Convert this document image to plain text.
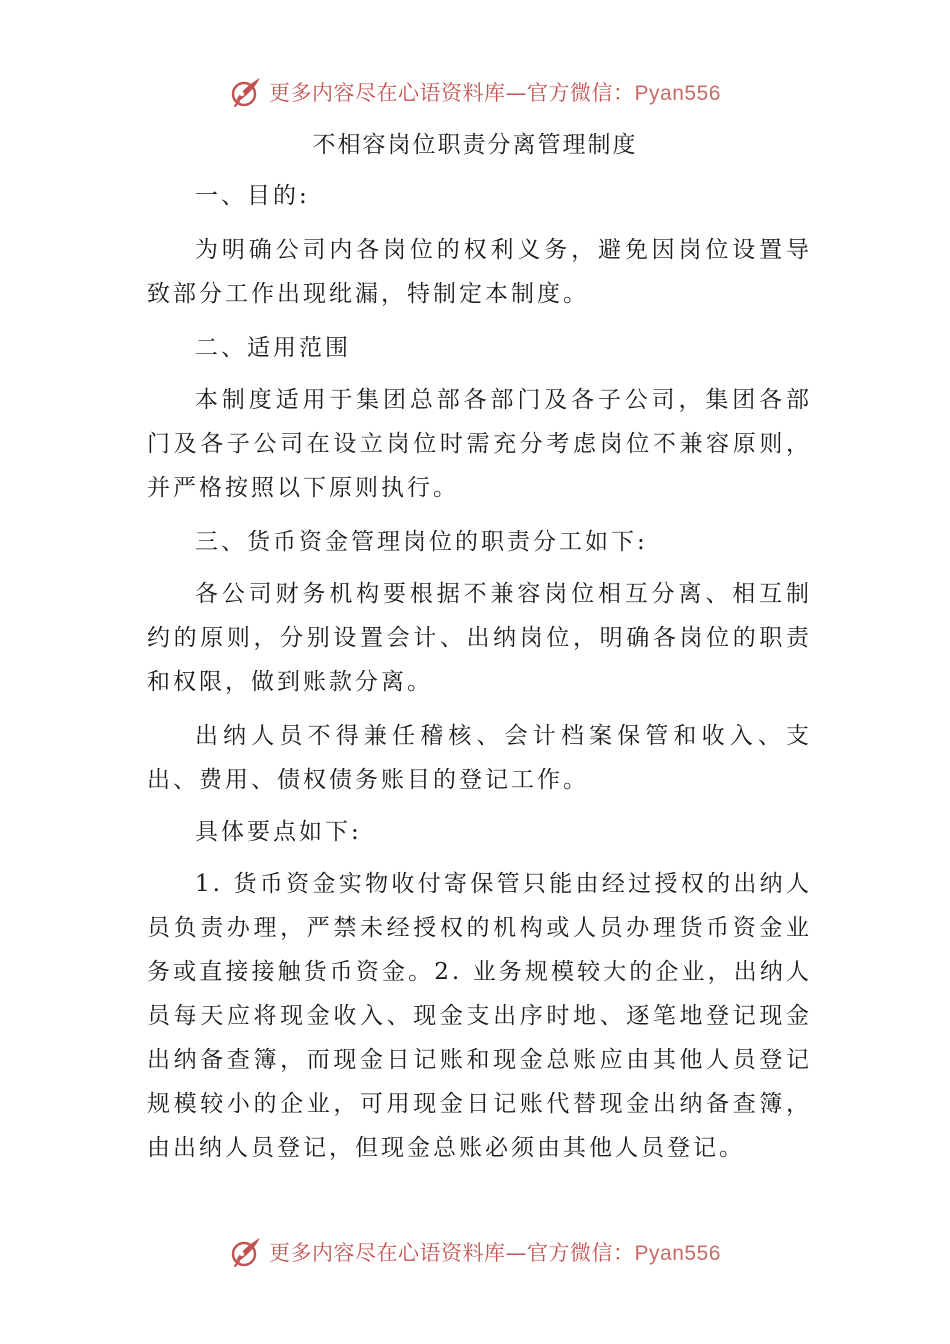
更多内容尽在心语资料库—官方微信：Pyan556
不相容岗位职责分离管理制度

一、目的:

为明确公司内各岗位的权利义务，避免因岗位设置导致部分工作出现纰漏，特制定本制度。

二、适用范围

本制度适用于集团总部各部门及各子公司，集团各部门及各子公司在设立岗位时需充分考虑岗位不兼容原则，并严格按照以下原则执行。

三、货币资金管理岗位的职责分工如下:

各公司财务机构要根据不兼容岗位相互分离、相互制约的原则，分别设置会计、出纳岗位，明确各岗位的职责和权限，做到账款分离。

出纳人员不得兼任稽核、会计档案保管和收入、支出、费用、债权债务账目的登记工作。

具体要点如下:

1. 货币资金实物收付寄保管只能由经过授权的出纳人员负责办理，严禁未经授权的机构或人员办理货币资金业务或直接接触货币资金。2. 业务规模较大的企业，出纳人员每天应将现金收入、现金支出序时地、逐笔地登记现金出纳备查簿，而现金日记账和现金总账应由其他人员登记规模较小的企业，可用现金日记账代替现金出纳备查簿，由出纳人员登记，但现金总账必须由其他人员登记。

更多内容尽在心语资料库—官方微信：Pyan556
